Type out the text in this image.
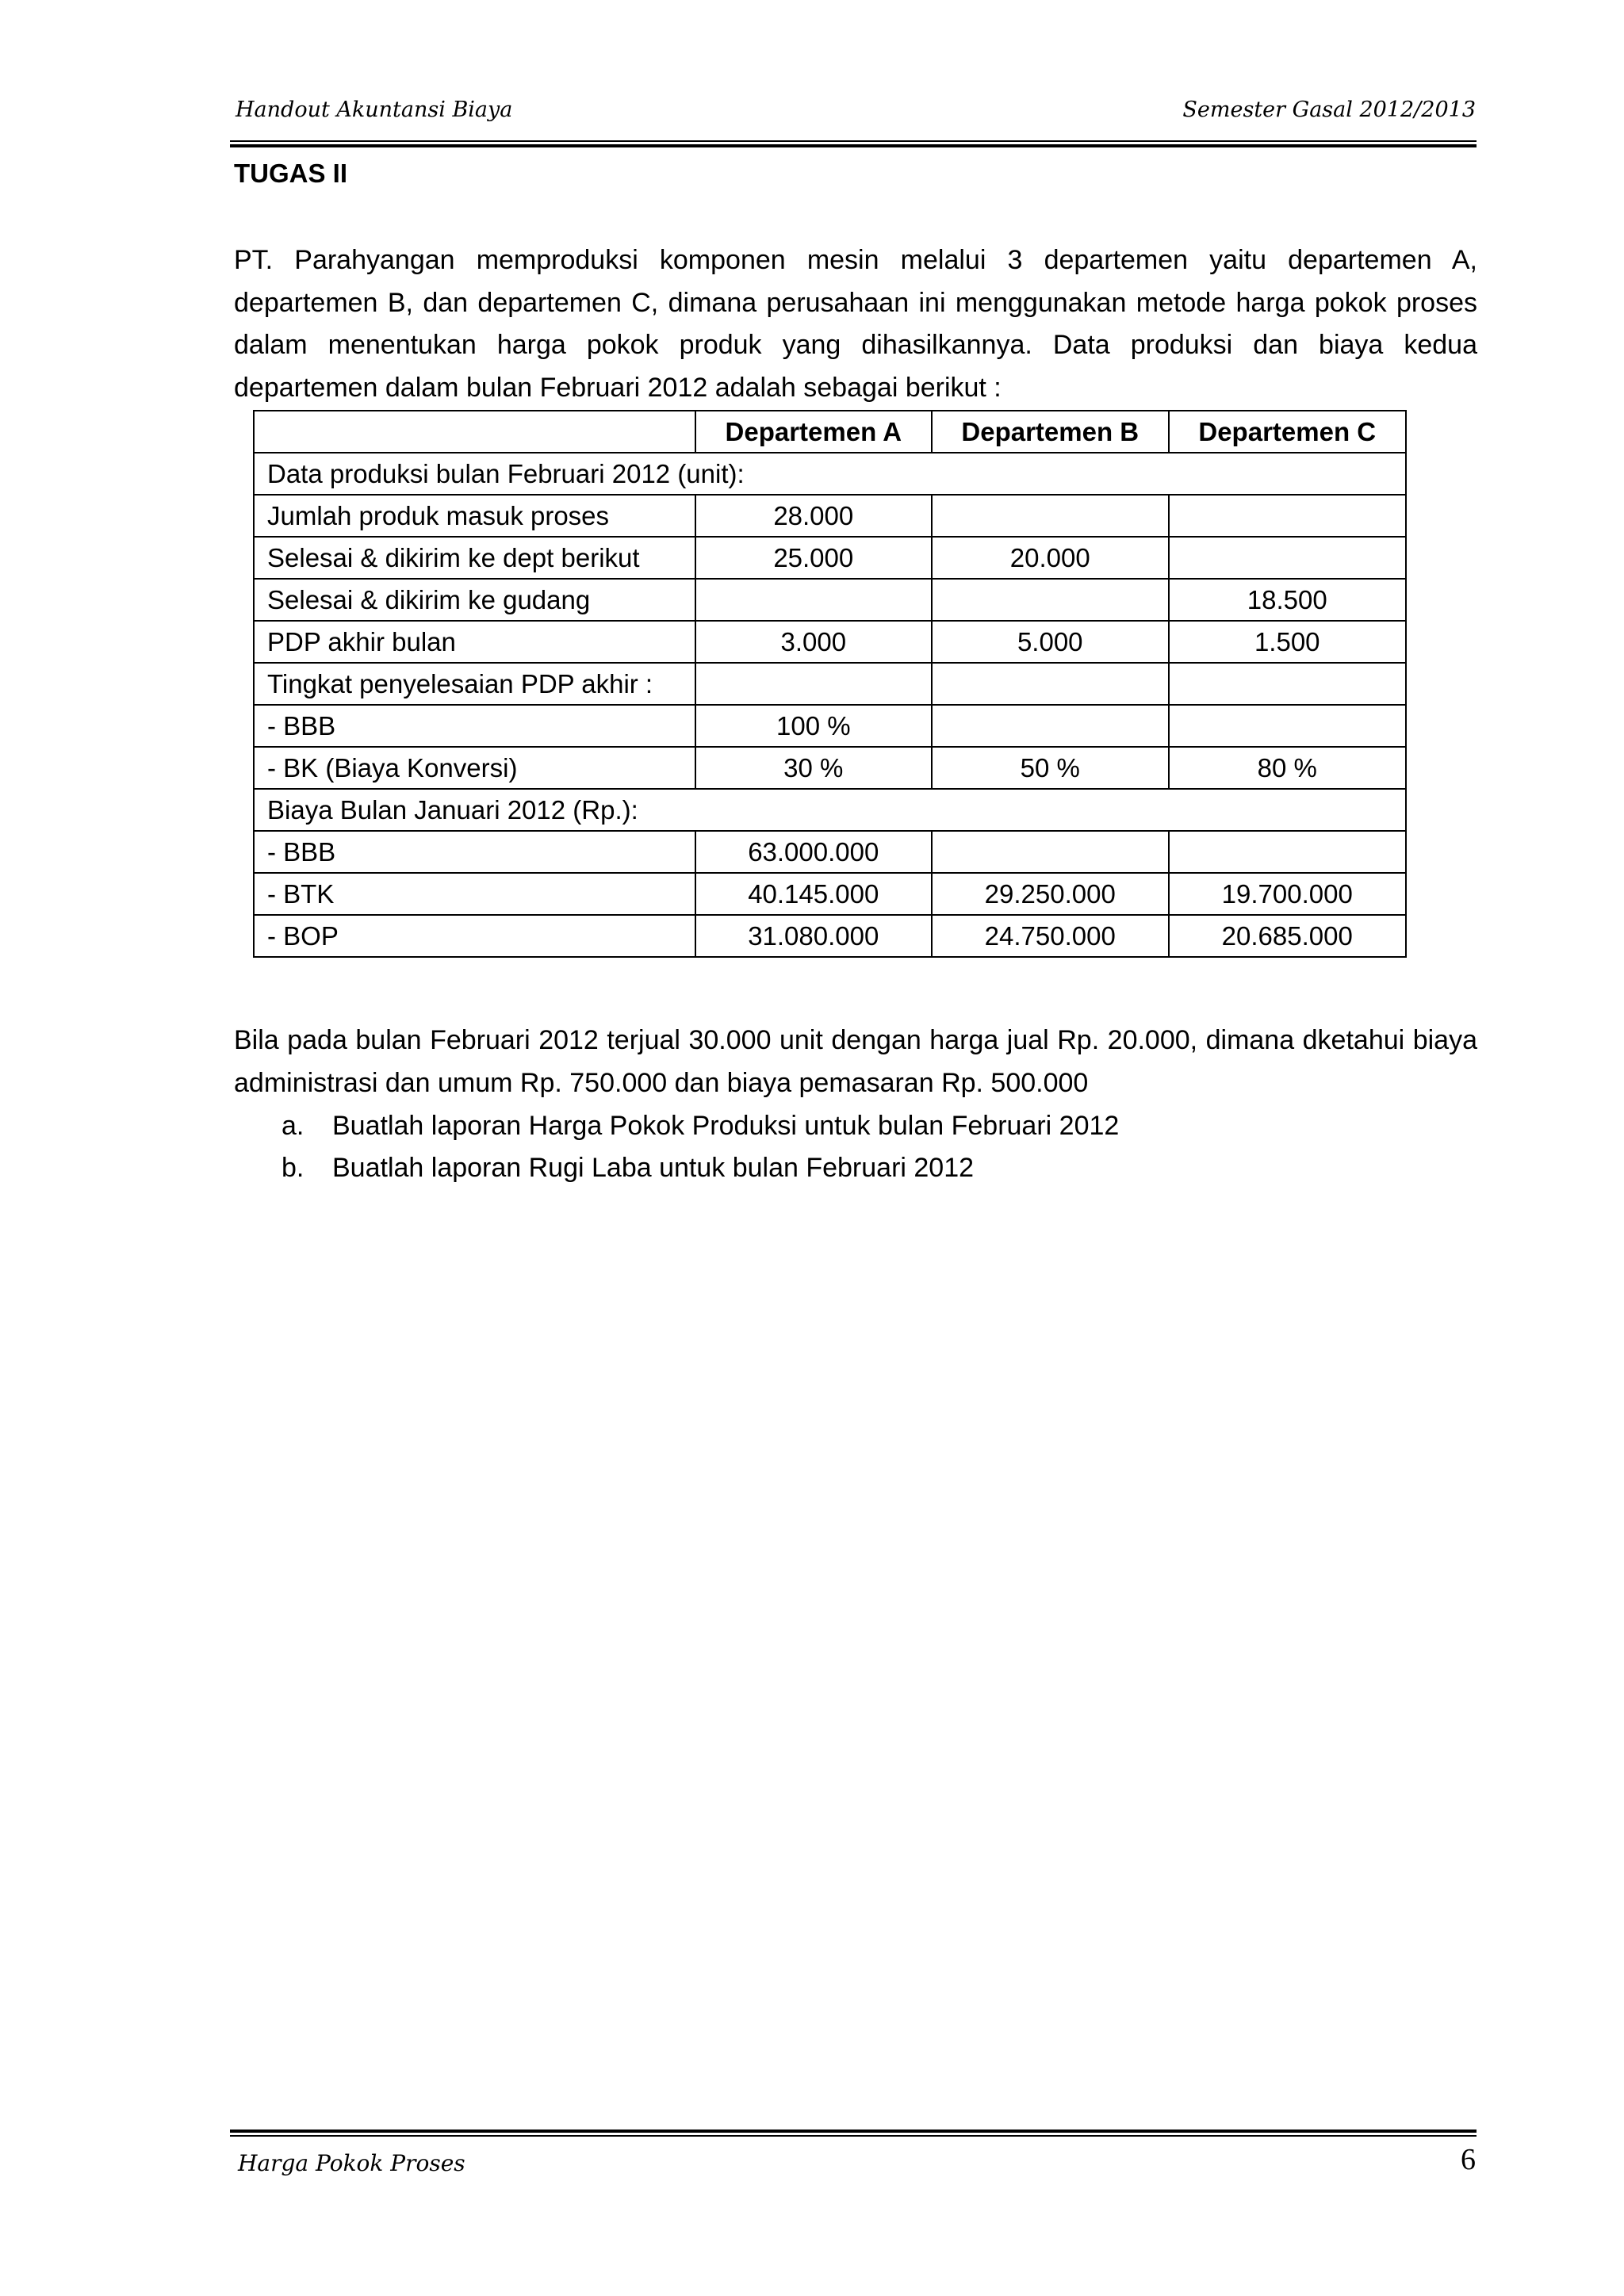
Handout Akuntansi Biaya	Semester Gasal 2012/2013
TUGAS II
PT. Parahyangan memproduksi komponen mesin melalui 3 departemen yaitu departemen A, departemen B, dan departemen C, dimana perusahaan ini menggunakan metode harga pokok proses dalam menentukan harga pokok produk yang dihasilkannya. Data produksi dan biaya kedua departemen dalam bulan Februari 2012 adalah sebagai berikut :
	Departemen A	Departemen B	Departemen C
Data produksi bulan Februari 2012 (unit):			
Jumlah produk masuk proses	28.000		
Selesai & dikirim ke dept berikut	25.000	20.000	
Selesai & dikirim ke gudang			18.500
PDP akhir bulan	3.000	5.000	1.500
Tingkat penyelesaian PDP akhir :			
- BBB	100 %		
- BK (Biaya Konversi)	30 %	50 %	80 %
Biaya Bulan Januari 2012 (Rp.):			
- BBB	63.000.000		
- BTK	40.145.000	29.250.000	19.700.000
- BOP	31.080.000	24.750.000	20.685.000
Bila pada bulan Februari 2012 terjual 30.000 unit dengan harga jual Rp. 20.000, dimana dketahui biaya administrasi dan umum Rp. 750.000 dan biaya pemasaran Rp. 500.000
a. Buatlah laporan Harga Pokok Produksi untuk bulan Februari 2012
b. Buatlah laporan Rugi Laba untuk bulan Februari 2012
Harga Pokok Proses	6
